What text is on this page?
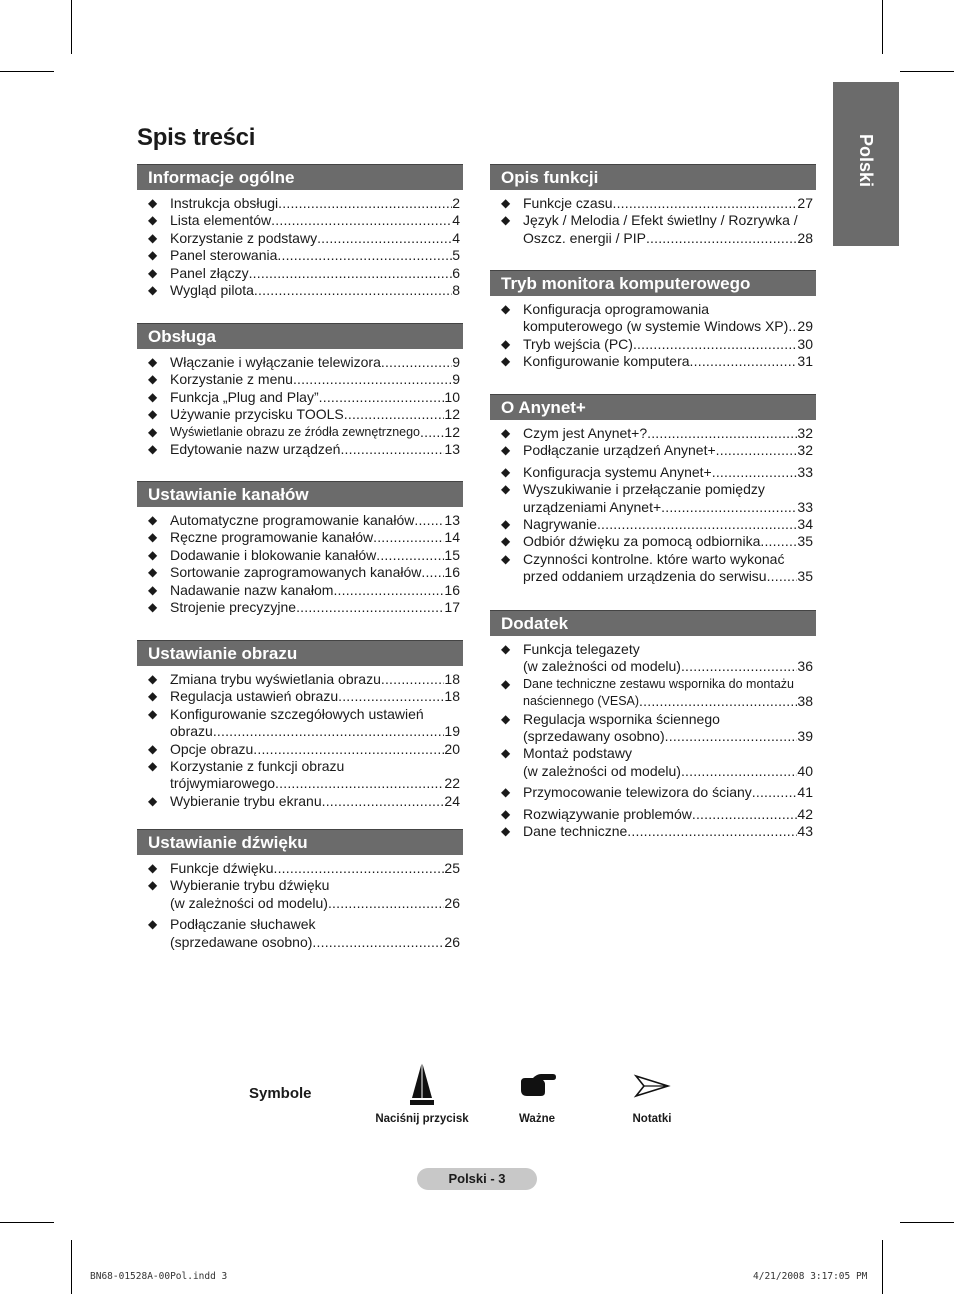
Polski
Spis treści
Informacje ogólne
◆ Instrukcja obsługi .....	2
◆ Lista elementów .....	4
◆ Korzystanie z podstawy .....	4
◆ Panel sterowania .....	5
◆ Panel złączy .....	6
◆ Wygląd pilota .....	8
Obsługa
◆ Włączanie i wyłączanie telewizora .....	9
◆ Korzystanie z menu .....	9
◆ Funkcja „Plug and Play” .....	10
◆ Używanie przycisku TOOLS .....	12
◆ Wyświetlanie obrazu ze źródła zewnętrznego ..... 12
◆ Edytowanie nazw urządzeń .....	13
Ustawianie kanałów
◆ Automatyczne programowanie kanałów ..... 13
◆ Ręczne programowanie kanałów .....	14
◆ Dodawanie i blokowanie kanałów .....	15
◆ Sortowanie zaprogramowanych kanałów ..... 16
◆ Nadawanie nazw kanałom .....	16
◆ Strojenie precyzyjne .....	17
Ustawianie obrazu
◆ Zmiana trybu wyświetlania obrazu .....	18
◆ Regulacja ustawień obrazu .....	18
◆ Konfigurowanie szczegółowych ustawień
obrazu .....	19
◆ Opcje obrazu .....	20
◆ Korzystanie z funkcji obrazu
trójwymiarowego .....	22
◆ Wybieranie trybu ekranu .....	24
Ustawianie dźwięku
◆ Funkcje dźwięku .....	25
◆ Wybieranie trybu dźwięku
(w zależności od modelu) .....	26
◆ Podłączanie słuchawek
(sprzedawane osobno) .....	26
Opis funkcji
◆ Funkcje czasu .....	27
◆ Język / Melodia / Efekt świetlny / Rozrywka /
Oszcz. energii / PIP .....	28
Tryb monitora komputerowego
◆ Konfiguracja oprogramowania
komputerowego (w systemie Windows XP) ..... 29
◆ Tryb wejścia (PC) .....	30
◆ Konfigurowanie komputera .....	31
O Anynet+
◆ Czym jest Anynet+? .....	32
◆ Podłączanie urządzeń Anynet+ .....	32
◆ Konfiguracja systemu Anynet+ .....	33
◆ Wyszukiwanie i przełączanie pomiędzy
urządzeniami Anynet+ .....	33
◆ Nagrywanie .....	34
◆ Odbiór dźwięku za pomocą odbiornika .....	35
◆ Czynności kontrolne. które warto wykonać
przed oddaniem urządzenia do serwisu ..... 35
Dodatek
◆ Funkcja telegazety
(w zależności od modelu) .....	36
◆ Dane techniczne zestawu wspornika do montażu
naściennego (VESA) .....	38
◆ Regulacja wspornika ściennego
(sprzedawany osobno) .....	39
◆ Montaż podstawy
(w zależności od modelu) .....	40
◆ Przymocowanie telewizora do ściany .....	41
◆ Rozwiązywanie problemów .....	42
◆ Dane techniczne .....	43
Symbole
Naciśnij przycisk	Ważne	Notatki
Polski - 3
BN68-01528A-00Pol.indd 3	4/21/2008 3:17:05 PM
